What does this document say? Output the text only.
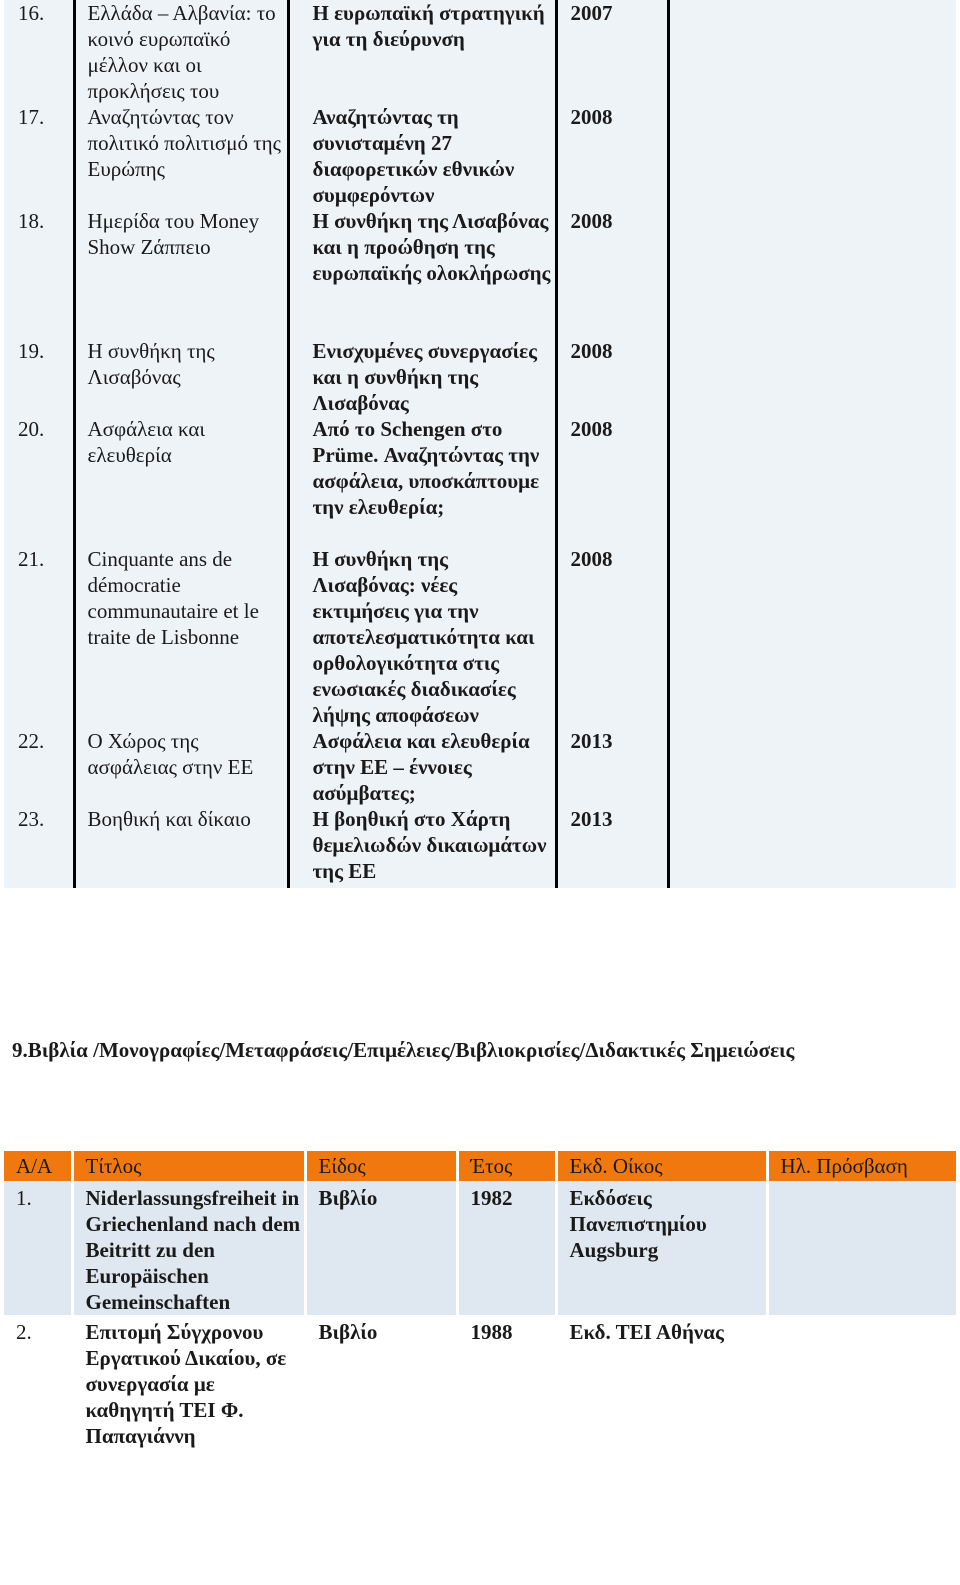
16.	Ελλάδα – Αλβανία: το κοινό ευρωπαϊκό μέλλον και οι προκλήσεις του	Η ευρωπαϊκή στρατηγική για τη διεύρυνση	2007	
17.	Αναζητώντας τον πολιτικό πολιτισμό της Ευρώπης	Αναζητώντας τη συνισταμένη 27 διαφορετικών εθνικών συμφερόντων	2008	
18.	Ημερίδα του Money Show Ζάππειο	Η συνθήκη της Λισαβόνας και η προώθηση της ευρωπαϊκής ολοκλήρωσης	2008	
19.	Η συνθήκη της Λισαβόνας	Ενισχυμένες συνεργασίες και η συνθήκη της Λισαβόνας	2008	
20.	Ασφάλεια και ελευθερία	Από το Schengen στο Prüme. Αναζητώντας την ασφάλεια, υποσκάπτουμε την ελευθερία;	2008	
21.	Cinquante ans de démocratie communautaire et le traite de Lisbonne	Η συνθήκη της Λισαβόνας: νέες εκτιμήσεις για την αποτελεσματικότητα και ορθολογικότητα στις ενωσιακές διαδικασίες λήψης αποφάσεων	2008	
22.	Ο Χώρος της ασφάλειας στην ΕΕ	Ασφάλεια και ελευθερία στην ΕΕ – έννοιες ασύμβατες;	2013	
23.	Βοηθική και δίκαιο	Η βοηθική στο Χάρτη θεμελιωδών δικαιωμάτων της ΕΕ	2013	
9.Βιβλία /Μονογραφίες/Μεταφράσεις/Επιμέλειες/Βιβλιοκρισίες/Διδακτικές Σημειώσεις
Α/Α	Τίτλος	Είδος	Έτος	Εκδ. Οίκος	Ηλ. Πρόσβαση
1.	Niderlassungsfreiheit in Griechenland nach dem Beitritt zu den Europäischen Gemeinschaften	Βιβλίο	1982	Εκδόσεις Πανεπιστημίου Augsburg	
2.	Επιτομή Σύγχρονου Εργατικού Δικαίου, σε συνεργασία με καθηγητή ΤΕΙ Φ. Παπαγιάννη	Βιβλίο	1988	Εκδ. ΤΕΙ Αθήνας	
